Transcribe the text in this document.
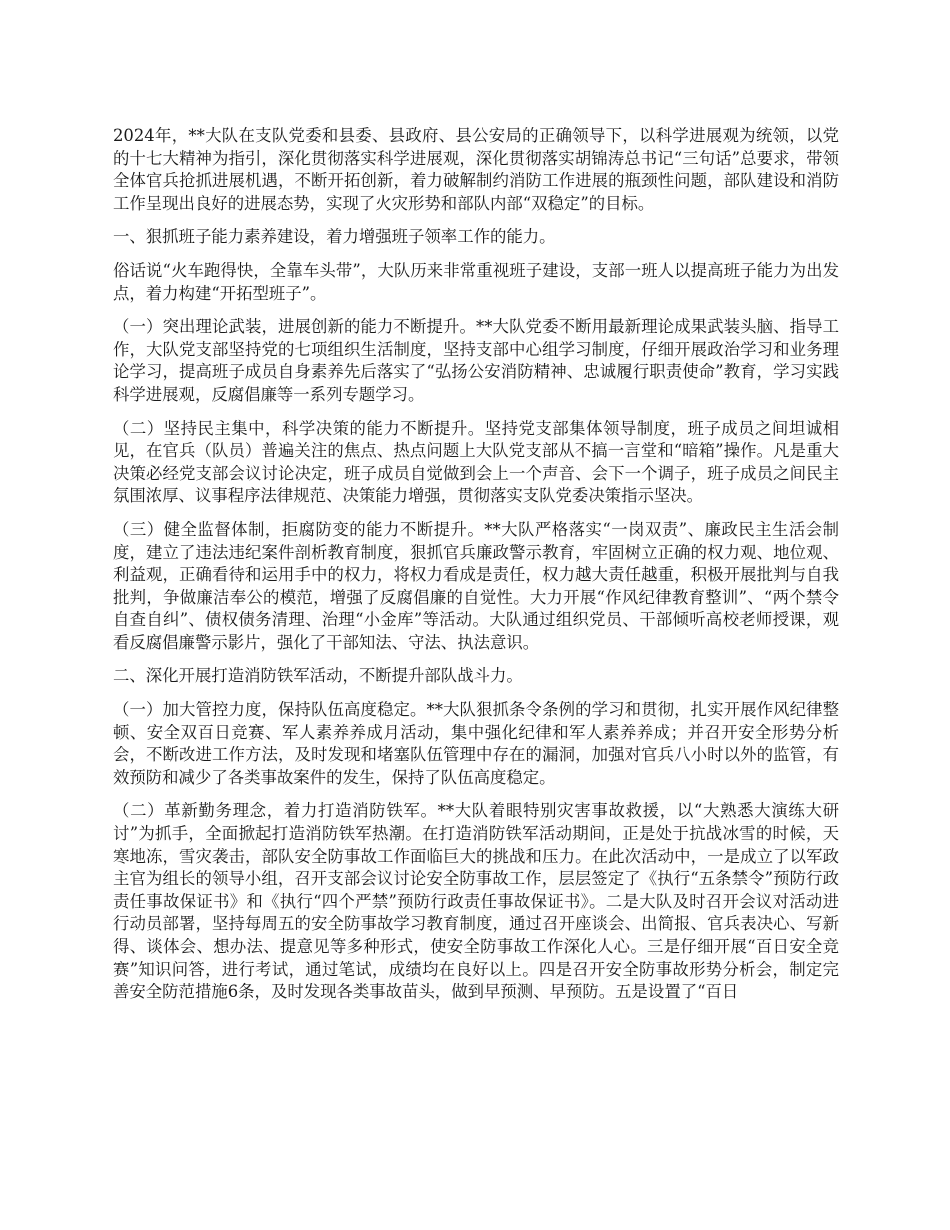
2024年，**大队在支队党委和县委、县政府、县公安局的正确领导下，以科学进展观为统领，以党的十七大精神为指引，深化贯彻落实科学进展观，深化贯彻落实胡锦涛总书记“三句话”总要求，带领全体官兵抢抓进展机遇，不断开拓创新，着力破解制约消防工作进展的瓶颈性问题，部队建设和消防工作呈现出良好的进展态势，实现了火灾形势和部队内部“双稳定”的目标。

一、狠抓班子能力素养建设，着力增强班子领率工作的能力。

俗话说“火车跑得快，全靠车头带”，大队历来非常重视班子建设，支部一班人以提高班子能力为出发点，着力构建“开拓型班子”。

（一）突出理论武装，进展创新的能力不断提升。**大队党委不断用最新理论成果武装头脑、指导工作，大队党支部坚持党的七项组织生活制度，坚持支部中心组学习制度，仔细开展政治学习和业务理论学习，提高班子成员自身素养先后落实了“弘扬公安消防精神、忠诚履行职责使命”教育，学习实践科学进展观，反腐倡廉等一系列专题学习。

（二）坚持民主集中，科学决策的能力不断提升。坚持党支部集体领导制度，班子成员之间坦诚相见，在官兵（队员）普遍关注的焦点、热点问题上大队党支部从不搞一言堂和“暗箱”操作。凡是重大决策必经党支部会议讨论决定，班子成员自觉做到会上一个声音、会下一个调子，班子成员之间民主氛围浓厚、议事程序法律规范、决策能力增强，贯彻落实支队党委决策指示坚决。

（三）健全监督体制，拒腐防变的能力不断提升。**大队严格落实“一岗双责”、廉政民主生活会制度，建立了违法违纪案件剖析教育制度，狠抓官兵廉政警示教育，牢固树立正确的权力观、地位观、利益观，正确看待和运用手中的权力，将权力看成是责任，权力越大责任越重，积极开展批判与自我批判，争做廉洁奉公的模范，增强了反腐倡廉的自觉性。大力开展“作风纪律教育整训”、“两个禁令自查自纠”、债权债务清理、治理“小金库”等活动。大队通过组织党员、干部倾听高校老师授课，观看反腐倡廉警示影片，强化了干部知法、守法、执法意识。

二、深化开展打造消防铁军活动，不断提升部队战斗力。

（一）加大管控力度，保持队伍高度稳定。**大队狠抓条令条例的学习和贯彻，扎实开展作风纪律整顿、安全双百日竞赛、军人素养养成月活动，集中强化纪律和军人素养养成；并召开安全形势分析会，不断改进工作方法，及时发现和堵塞队伍管理中存在的漏洞，加强对官兵八小时以外的监管，有效预防和减少了各类事故案件的发生，保持了队伍高度稳定。

（二）革新勤务理念，着力打造消防铁军。**大队着眼特别灾害事故救援，以“大熟悉大演练大研讨”为抓手，全面掀起打造消防铁军热潮。在打造消防铁军活动期间，正是处于抗战冰雪的时候，天寒地冻，雪灾袭击，部队安全防事故工作面临巨大的挑战和压力。在此次活动中，一是成立了以军政主官为组长的领导小组，召开支部会议讨论安全防事故工作，层层签定了《执行“五条禁令”预防行政责任事故保证书》和《执行“四个严禁”预防行政责任事故保证书》。二是大队及时召开会议对活动进行动员部署，坚持每周五的安全防事故学习教育制度，通过召开座谈会、出简报、官兵表决心、写新得、谈体会、想办法、提意见等多种形式，使安全防事故工作深化人心。三是仔细开展“百日安全竞赛”知识问答，进行考试，通过笔试，成绩均在良好以上。四是召开安全防事故形势分析会，制定完善安全防范措施6条，及时发现各类事故苗头，做到早预测、早预防。五是设置了“百日
